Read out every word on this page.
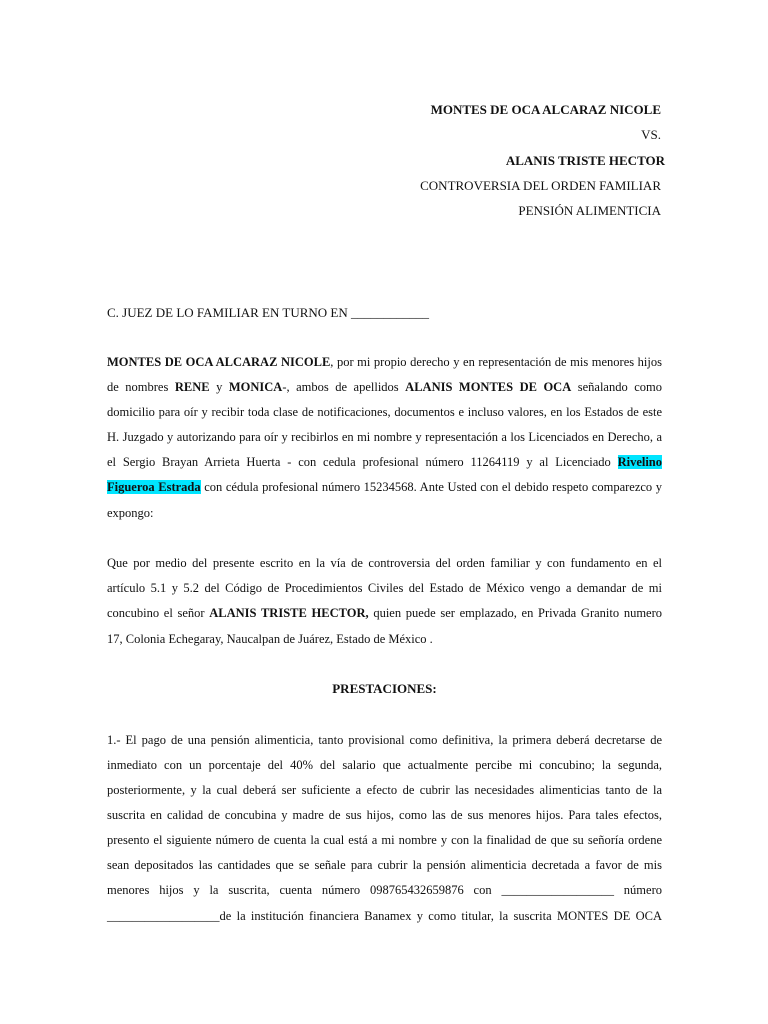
MONTES DE OCA ALCARAZ NICOLE
VS.
ALANIS TRISTE HECTOR
CONTROVERSIA DEL ORDEN FAMILIAR
PENSIÓN ALIMENTICIA
C. JUEZ DE LO FAMILIAR EN TURNO EN ____________
MONTES DE OCA ALCARAZ NICOLE, por mi propio derecho y en representación de mis menores hijos
de nombres RENE y MONICA-, ambos de apellidos ALANIS MONTES DE OCA señalando como
domicilio para oír y recibir toda clase de notificaciones, documentos e incluso valores, en los Estados de este
H. Juzgado y autorizando para oír y recibirlos en mi nombre y representación a los Licenciados en Derecho, a
el Sergio Brayan Arrieta Huerta - con cedula profesional número 11264119 y al Licenciado Rivelino
Figueroa Estrada con cédula profesional número 15234568. Ante Usted con el debido respeto comparezco y
expongo:
Que por medio del presente escrito en la vía de controversia del orden familiar y con fundamento en el
artículo 5.1 y 5.2 del Código de Procedimientos Civiles del Estado de México vengo a demandar de mi
concubino el señor ALANIS TRISTE HECTOR, quien puede ser emplazado, en Privada Granito numero
17, Colonia Echegaray, Naucalpan de Juárez, Estado de México .
PRESTACIONES:
1.- El pago de una pensión alimenticia, tanto provisional como definitiva, la primera deberá decretarse de
inmediato con un porcentaje del 40% del salario que actualmente percibe mi concubino; la segunda,
posteriormente, y la cual deberá ser suficiente a efecto de cubrir las necesidades alimenticias tanto de la
suscrita en calidad de concubina y madre de sus hijos, como las de sus menores hijos. Para tales efectos,
presento el siguiente número de cuenta la cual está a mi nombre y con la finalidad de que su señoría ordene
sean depositados las cantidades que se señale para cubrir la pensión alimenticia decretada a favor de mis
menores hijos y la suscrita, cuenta número 098765432659876 con __________________ número
__________________de la institución financiera Banamex y como titular, la suscrita MONTES DE OCA
